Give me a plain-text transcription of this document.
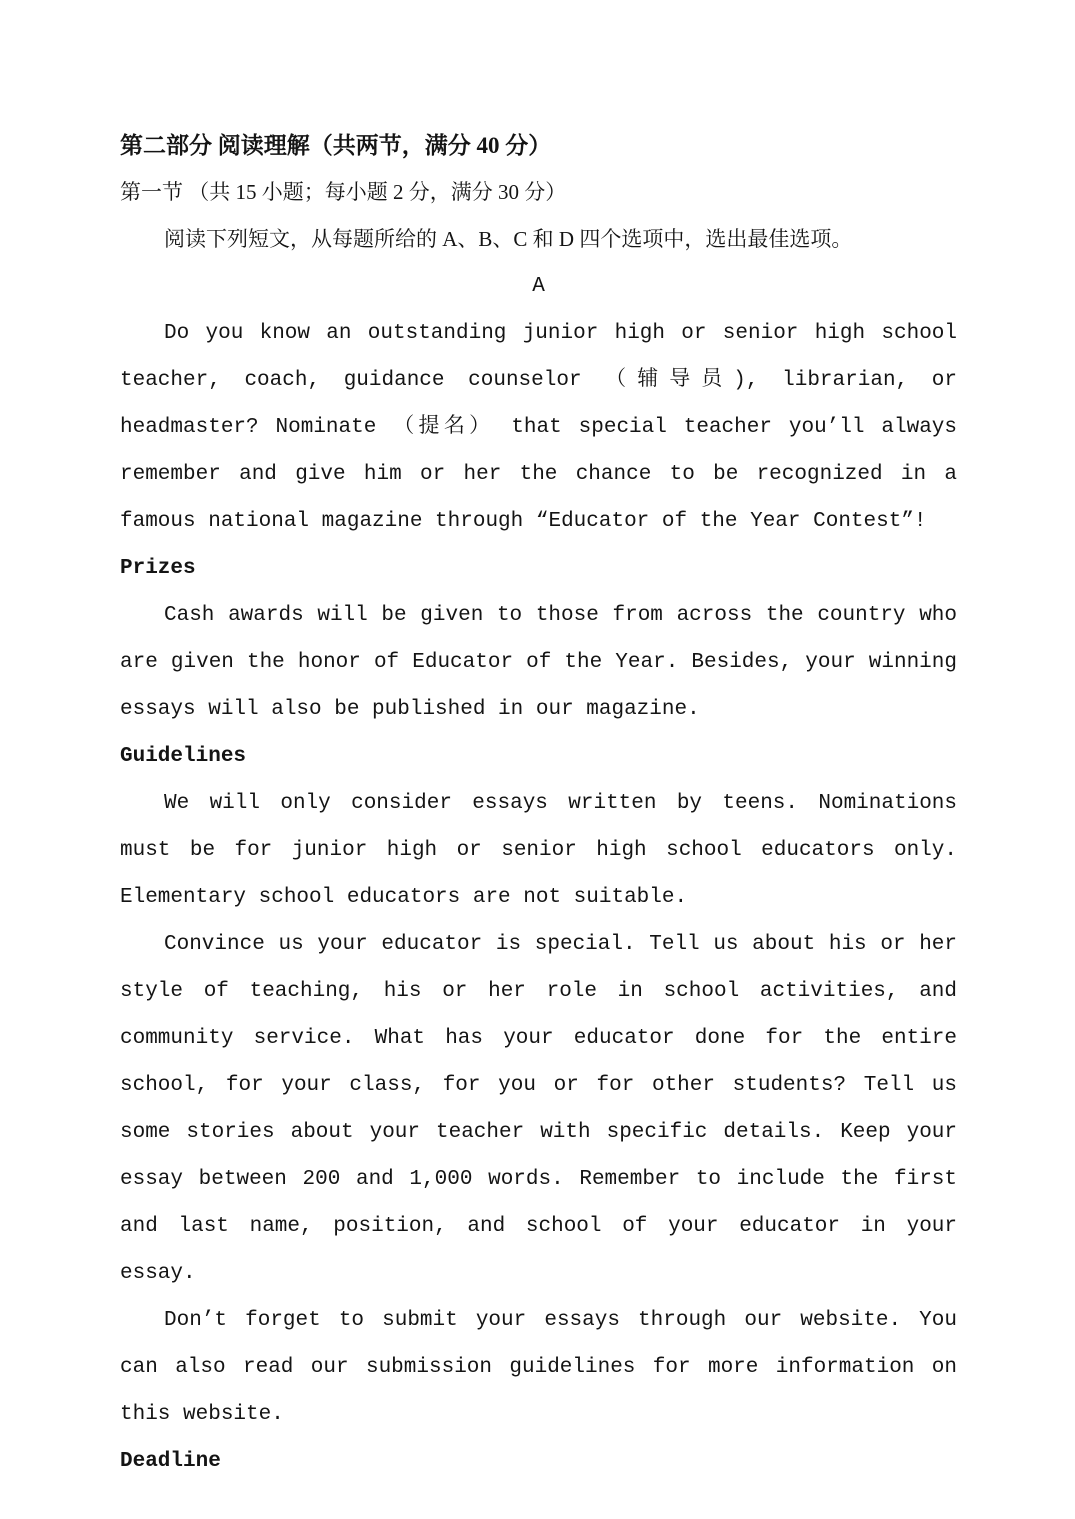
第二部分 阅读理解（共两节，满分 40 分）
第一节 （共 15 小题；每小题 2 分，满分 30 分）
阅读下列短文，从每题所给的 A、B、C 和 D 四个选项中，选出最佳选项。
A
Do you know an outstanding junior high or senior high school teacher, coach, guidance counselor （辅导员), librarian, or headmaster? Nominate （提名） that special teacher you’ll always remember and give him or her the chance to be recognized in a famous national magazine through “Educator of the Year Contest”!
Prizes
Cash awards will be given to those from across the country who are given the honor of Educator of the Year. Besides, your winning essays will also be published in our magazine.
Guidelines
We will only consider essays written by teens. Nominations must be for junior high or senior high school educators only. Elementary school educators are not suitable.
Convince us your educator is special. Tell us about his or her style of teaching, his or her role in school activities, and community service. What has your educator done for the entire school, for your class, for you or for other students? Tell us some stories about your teacher with specific details. Keep your essay between 200 and 1,000 words. Remember to include the first and last name, position, and school of your educator in your essay.
Don’t forget to submit your essays through our website. You can also read our submission guidelines for more information on this website.
Deadline
